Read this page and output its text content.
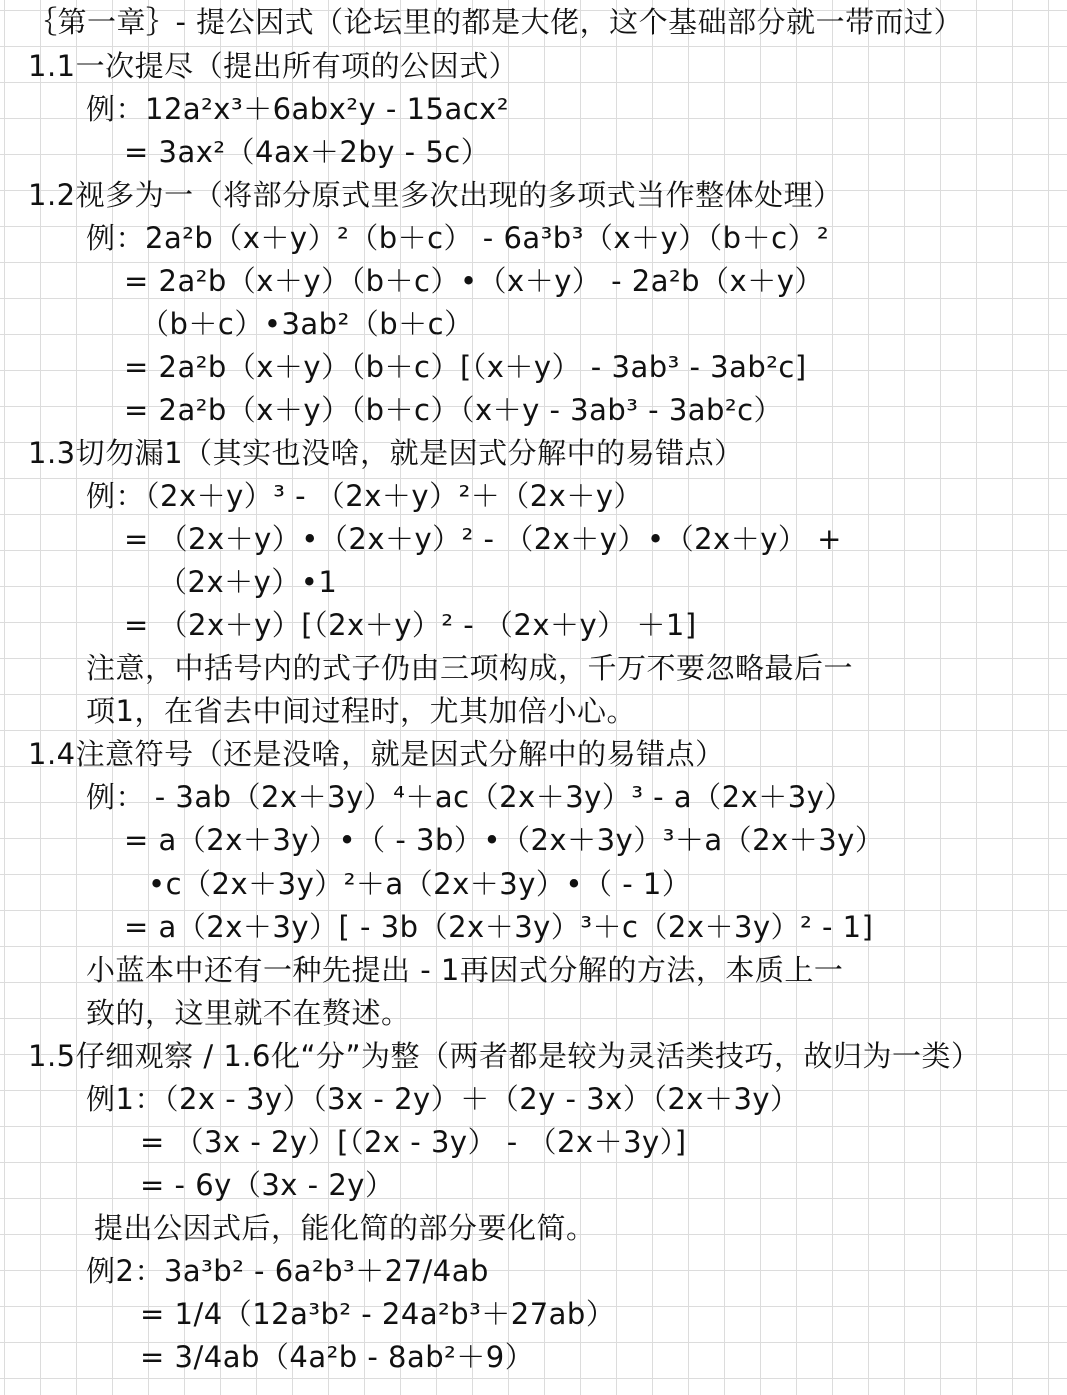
｛第一章｝- 提公因式（论坛里的都是大佬，这个基础部分就一带而过）
1.1一次提尽（提出所有项的公因式）
例：12a²x³＋6abx²y - 15acx²
= 3ax²（4ax＋2by - 5c）
1.2视多为一（将部分原式里多次出现的多项式当作整体处理）
例：2a²b（x＋y）²（b＋c） - 6a³b³（x＋y）（b＋c）²
= 2a²b（x＋y）（b＋c）•（x＋y） - 2a²b（x＋y）
（b＋c）•3ab²（b＋c）
= 2a²b（x＋y）（b＋c）[（x＋y） - 3ab³ - 3ab²c]
= 2a²b（x＋y）（b＋c）（x＋y - 3ab³ - 3ab²c）
1.3切勿漏1（其实也没啥，就是因式分解中的易错点）
例：（2x＋y）³ - （2x＋y）²＋（2x＋y）
= （2x＋y）•（2x＋y）² - （2x＋y）•（2x＋y） +
（2x＋y）•1
= （2x＋y）[（2x＋y）² - （2x＋y） ＋1]
注意，中括号内的式子仍由三项构成，千万不要忽略最后一
项1，在省去中间过程时，尤其加倍小心。
1.4注意符号（还是没啥，就是因式分解中的易错点）
例： - 3ab（2x＋3y）⁴＋ac（2x＋3y）³ - a（2x＋3y）
= a（2x＋3y）•（ - 3b）•（2x＋3y）³＋a（2x＋3y）
•c（2x＋3y）²＋a（2x＋3y）•（ - 1）
= a（2x＋3y）[ - 3b（2x＋3y）³＋c（2x＋3y）² - 1]
小蓝本中还有一种先提出 - 1再因式分解的方法，本质上一
致的，这里就不在赘述。
1.5仔细观察 / 1.6化“分”为整（两者都是较为灵活类技巧，故归为一类）
例1：（2x - 3y）（3x - 2y）＋（2y - 3x）（2x＋3y）
= （3x - 2y）[（2x - 3y） - （2x＋3y）]
= - 6y（3x - 2y）
提出公因式后，能化简的部分要化简。
例2：3a³b² - 6a²b³＋27/4ab
= 1/4（12a³b² - 24a²b³＋27ab）
= 3/4ab（4a²b - 8ab²＋9）
